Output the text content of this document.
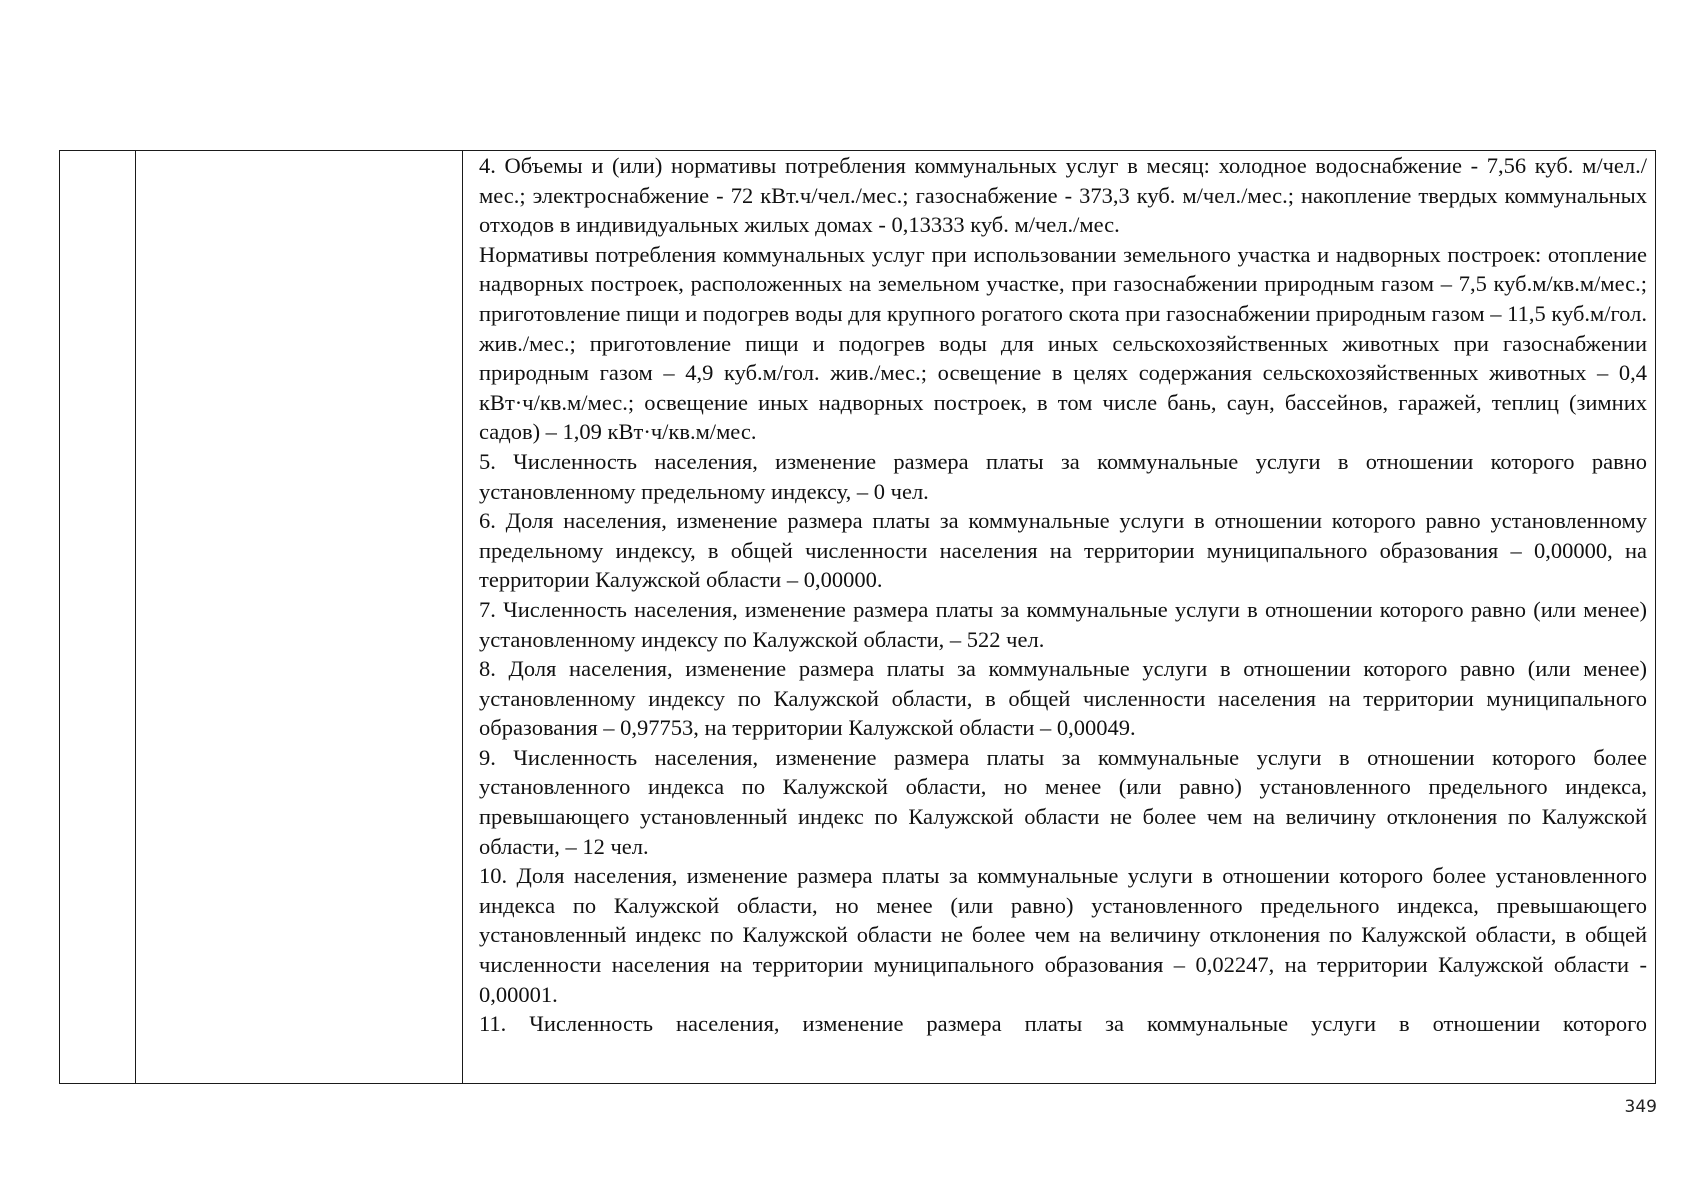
4. Объемы и (или) нормативы потребления коммунальных услуг в месяц: холодное водоснабжение - 7,56 куб. м/чел./мес.; электроснабжение - 72 кВт.ч/чел./мес.; газоснабжение - 373,3 куб. м/чел./мес.; накопление твердых коммунальных отходов в индивидуальных жилых домах - 0,13333 куб. м/чел./мес.

Нормативы потребления коммунальных услуг при использовании земельного участка и надворных построек: отопление надворных построек, расположенных на земельном участке, при газоснабжении природным газом – 7,5 куб.м/кв.м/мес.; приготовление пищи и подогрев воды для крупного рогатого скота при газоснабжении природным газом – 11,5 куб.м/гол. жив./мес.; приготовление пищи и подогрев воды для иных сельскохозяйственных животных при газоснабжении природным газом – 4,9 куб.м/гол. жив./мес.; освещение в целях содержания сельскохозяйственных животных – 0,4 кВт·ч/кв.м/мес.; освещение иных надворных построек, в том числе бань, саун, бассейнов, гаражей, теплиц (зимних садов) – 1,09 кВт·ч/кв.м/мес.

5. Численность населения, изменение размера платы за коммунальные услуги в отношении которого равно установленному предельному индексу, – 0 чел.

6. Доля населения, изменение размера платы за коммунальные услуги в отношении которого равно установленному предельному индексу, в общей численности населения на территории муниципального образования – 0,00000, на территории Калужской области – 0,00000.

7. Численность населения, изменение размера платы за коммунальные услуги в отношении которого равно (или менее) установленному индексу по Калужской области, – 522 чел.

8. Доля населения, изменение размера платы за коммунальные услуги в отношении которого равно (или менее) установленному индексу по Калужской области, в общей численности населения на территории муниципального образования – 0,97753, на территории Калужской области – 0,00049.

9. Численность населения, изменение размера платы за коммунальные услуги в отношении которого более установленного индекса по Калужской области, но менее (или равно) установленного предельного индекса, превышающего установленный индекс по Калужской области не более чем на величину отклонения по Калужской области, – 12 чел.

10. Доля населения, изменение размера платы за коммунальные услуги в отношении которого более установленного индекса по Калужской области, но менее (или равно) установленного предельного индекса, превышающего установленный индекс по Калужской области не более чем на величину отклонения по Калужской области, в общей численности населения на территории муниципального образования – 0,02247, на территории Калужской области - 0,00001.

11. Численность населения, изменение размера платы за коммунальные услуги в отношении которого

349
